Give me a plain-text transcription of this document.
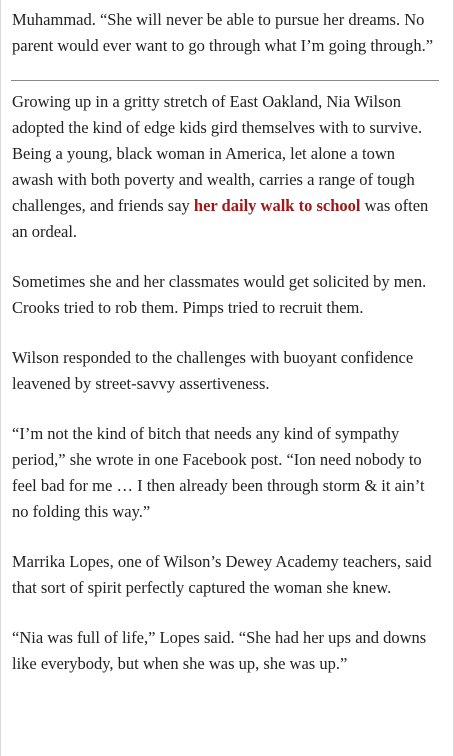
Muhammad. “She will never be able to pursue her dreams. No parent would ever want to go through what I’m going through.”

Growing up in a gritty stretch of East Oakland, Nia Wilson adopted the kind of edge kids gird themselves with to survive. Being a young, black woman in America, let alone a town awash with both poverty and wealth, carries a range of tough challenges, and friends say her daily walk to school was often an ordeal.

Sometimes she and her classmates would get solicited by men. Crooks tried to rob them. Pimps tried to recruit them.

Wilson responded to the challenges with buoyant confidence leavened by street-savvy assertiveness.

“I’m not the kind of bitch that needs any kind of sympathy period,” she wrote in one Facebook post. “Ion need nobody to feel bad for me … I then already been through storm & it ain’t no folding this way.”

Marrika Lopes, one of Wilson’s Dewey Academy teachers, said that sort of spirit perfectly captured the woman she knew.

“Nia was full of life,” Lopes said. “She had her ups and downs like everybody, but when she was up, she was up.”
